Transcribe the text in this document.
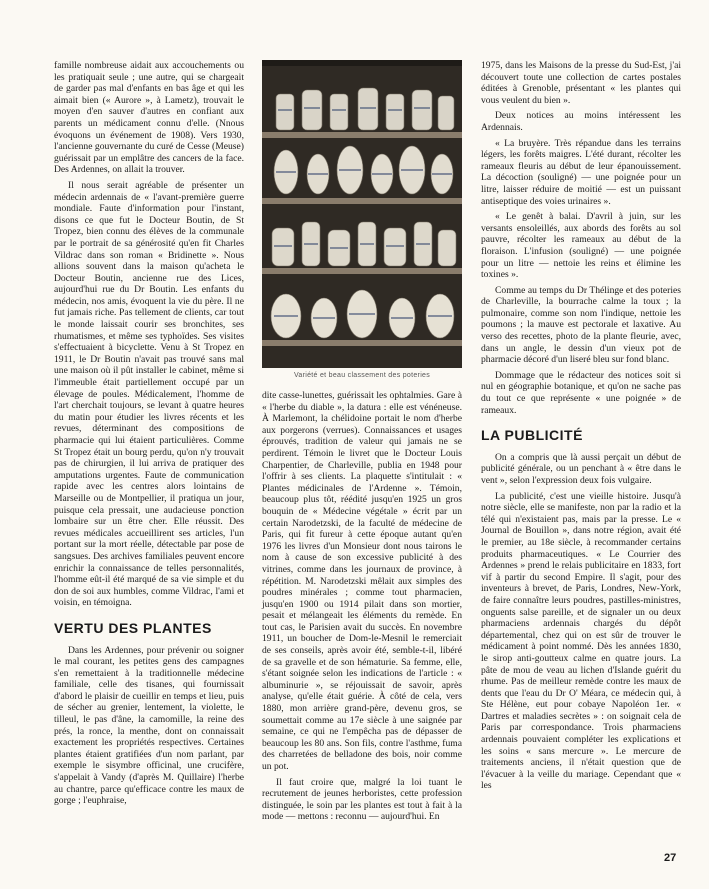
famille nombreuse aidait aux accouchements ou les pratiquait seule ; une autre, qui se chargeait de garder pas mal d'enfants en bas âge et qui les aimait bien (« Aurore », à Lametz), trouvait le moyen d'en sauver d'autres en confiant aux parents un médicament connu d'elle. (Nnous évoquons un événement de 1908). Vers 1930, l'ancienne gouvernante du curé de Cesse (Meuse) guérissait par un emplâtre des cancers de la face. Des Ardennes, on allait la trouver.

Il nous serait agréable de présenter un médecin ardennais de « l'avant-première guerre mondiale. Faute d'information pour l'instant, disons ce que fut le Docteur Boutin, de St Tropez, bien connu des élèves de la communale par le portrait de sa générosité qu'en fit Charles Vildrac dans son roman « Bridinette ». Nous allions souvent dans la maison qu'acheta le Docteur Boutin, ancienne rue des Lices, aujourd'hui rue du Dr Boutin. Les enfants du médecin, nos amis, évoquent la vie du père. Il ne fut jamais riche. Pas tellement de clients, car tout le monde laissait courir ses bronchites, ses rhumatismes, et même ses typhoïdes. Ses visites s'effectuaient à bicyclette. Venu à St Tropez en 1911, le Dr Boutin n'avait pas trouvé sans mal une maison où il pût installer le cabinet, même si l'immeuble était partiellement occupé par un élevage de poules. Médicalement, l'homme de l'art cherchait toujours, se levant à quatre heures du matin pour étudier les livres récents et les revues, déterminant des compositions de pharmacie qui lui étaient particulières. Comme St Tropez était un bourg perdu, qu'on n'y trouvait pas de chirurgien, il lui arriva de pratiquer des amputations urgentes. Faute de communication rapide avec les centres alors lointains de Marseille ou de Montpellier, il pratiqua un jour, puisque cela pressait, une audacieuse ponction lombaire sur un être cher. Elle réussit. Des revues médicales accueillirent ses articles, l'un portant sur la mort réelle, détectable par pose de sangsues. Des archives familiales peuvent encore enrichir la connaissance de telles personnalités, l'homme eût-il été marqué de sa vie simple et du don de soi aux humbles, comme Vildrac, l'ami et voisin, en témoigna.

VERTU DES PLANTES

Dans les Ardennes, pour prévenir ou soigner le mal courant, les petites gens des campagnes s'en remettaient à la traditionnelle médecine familiale, celle des tisanes, qui fournissait d'abord le plaisir de cueillir en temps et lieu, puis de sécher au grenier, lentement, la violette, le tilleul, le pas d'âne, la camomille, la reine des prés, la ronce, la menthe, dont on connaissait exactement les propriétés respectives. Certaines plantes étaient gratifiées d'un nom parlant, par exemple le sisymbre officinal, une crucifère, s'appelait à Vandy (d'après M. Quillaire) l'herbe au chantre, parce qu'efficace contre les maux de gorge ; l'euphraise,

Variété et beau classement des poteries

dite casse-lunettes, guérissait les ophtalmies. Gare à « l'herbe du diable », la datura : elle est vénéneuse. À Marlemont, la chélidoine portait le nom d'herbe aux porgerons (verrues). Connaissances et usages éprouvés, tradition de valeur qui jamais ne se perdirent. Témoin le livret que le Docteur Louis Charpentier, de Charleville, publia en 1948 pour l'offrir à ses clients. La plaquette s'intitulait : « Plantes médicinales de l'Ardenne ». Témoin, beaucoup plus tôt, réédité jusqu'en 1925 un gros bouquin de « Médecine végétale » écrit par un certain Narodetzski, de la faculté de médecine de Paris, qui fit fureur à cette époque autant qu'en 1976 les livres d'un Monsieur dont nous tairons le nom à cause de son excessive publicité à des vitrines, comme dans les journaux de province, à répétition. M. Narodetzski mêlait aux simples des poudres minérales ; comme tout pharmacien, jusqu'en 1900 ou 1914 pilait dans son mortier, pesait et mélangeait les éléments du remède. En tout cas, le Parisien avait du succès. En novembre 1911, un boucher de Dom-le-Mesnil le remerciait de ses conseils, après avoir été, semble-t-il, libéré de sa gravelle et de son hématurie. Sa femme, elle, s'étant soignée selon les indications de l'article : « albuminurie », se réjouissait de savoir, après analyse, qu'elle était guérie. À côté de cela, vers 1880, mon arrière grand-père, devenu gros, se soumettait comme au 17e siècle à une saignée par semaine, ce qui ne l'empêcha pas de dépasser de beaucoup les 80 ans. Son fils, contre l'asthme, fuma des charretées de belladone des bois, noir comme un pot.

Il faut croire que, malgré la loi tuant le recrutement de jeunes herboristes, cette profession distinguée, le soin par les plantes est tout à fait à la mode — mettons : reconnu — aujourd'hui. En

1975, dans les Maisons de la presse du Sud-Est, j'ai découvert toute une collection de cartes postales éditées à Grenoble, présentant « les plantes qui vous veulent du bien ».

Deux notices au moins intéressent les Ardennais.

« La bruyère. Très répandue dans les terrains légers, les forêts maigres. L'été durant, récolter les rameaux fleuris au début de leur épanouissement. La décoction (souligné) — une poignée pour un litre, laisser réduire de moitié — est un puissant antiseptique des voies urinaires ».

« Le genêt à balai. D'avril à juin, sur les versants ensoleillés, aux abords des forêts au sol pauvre, récolter les rameaux au début de la floraison. L'infusion (souligné) — une poignée pour un litre — nettoie les reins et élimine les toxines ».

Comme au temps du Dr Thélinge et des poteries de Charleville, la bourrache calme la toux ; la pulmonaire, comme son nom l'indique, nettoie les poumons ; la mauve est pectorale et laxative. Au verso des recettes, photo de la plante fleurie, avec, dans un angle, le dessin d'un vieux pot de pharmacie décoré d'un liseré bleu sur fond blanc.

Dommage que le rédacteur des notices soit si nul en géographie botanique, et qu'on ne sache pas du tout ce que représente « une poignée » de rameaux.

LA PUBLICITÉ

On a compris que là aussi perçait un début de publicité générale, ou un penchant à « être dans le vent », selon l'expression deux fois vulgaire.

La publicité, c'est une vieille histoire. Jusqu'à notre siècle, elle se manifeste, non par la radio et la télé qui n'existaient pas, mais par la presse. Le « Journal de Bouillon », dans notre région, avait été le premier, au 18e siècle, à recommander certains produits pharmaceutiques. « Le Courrier des Ardennes » prend le relais publicitaire en 1833, fort vif à partir du second Empire. Il s'agit, pour des inventeurs à brevet, de Paris, Londres, New-York, de faire connaître leurs poudres, pastilles-ministres, onguents salse pareille, et de signaler un ou deux pharmaciens ardennais chargés du dépôt départemental, chez qui on est sûr de trouver le médicament à point nommé. Dès les années 1830, le sirop anti-goutteux calme en quatre jours. La pâte de mou de veau au lichen d'Islande guérit du rhume. Pas de meilleur remède contre les maux de dents que l'eau du Dr O' Méara, ce médecin qui, à Ste Hélène, eut pour cobaye Napoléon 1er. « Dartres et maladies secrètes » : on soignait cela de Paris par correspondance. Trois pharmaciens ardennais pouvaient compléter les explications et les soins « sans mercure ». Le mercure de traitements anciens, il n'était question que de l'évacuer à la veille du mariage. Cependant que « les

27
